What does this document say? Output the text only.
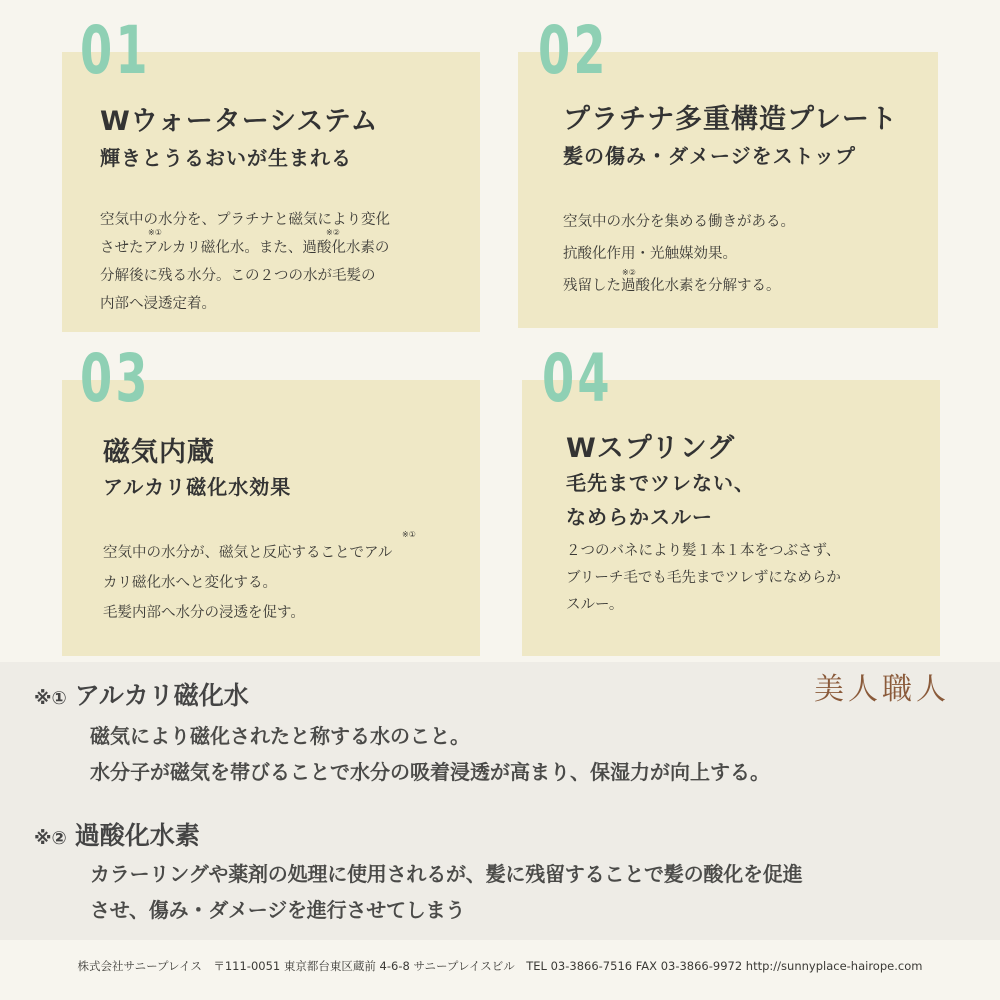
01
Wウォーターシステム
輝きとうるおいが生まれる
空気中の水分を、プラチナと磁気により変化
させたアルカリ磁化水。また、過酸化水素の
分解後に残る水分。この２つの水が毛髪の
内部へ浸透定着。
※①	※②
02
プラチナ多重構造プレート
髪の傷み・ダメージをストップ
空気中の水分を集める働きがある。
抗酸化作用・光触媒効果。
残留した過酸化水素を分解する。
※②
03
磁気内蔵
アルカリ磁化水効果
空気中の水分が、磁気と反応することでアル
カリ磁化水へと変化する。
毛髪内部へ水分の浸透を促す。
※①
04
Wスプリング
毛先までツレない、
なめらかスルー
２つのバネにより髪１本１本をつぶさず、
ブリーチ毛でも毛先までツレずになめらか
スルー。
美人職人
※① アルカリ磁化水
磁気により磁化されたと称する水のこと。
水分子が磁気を帯びることで水分の吸着浸透が高まり、保湿力が向上する。
※② 過酸化水素
カラーリングや薬剤の処理に使用されるが、髪に残留することで髪の酸化を促進
させ、傷み・ダメージを進行させてしまう
株式会社サニープレイス　〒111-0051 東京都台東区蔵前 4-6-8 サニープレイスビル　TEL 03-3866-7516 FAX 03-3866-9972 http://sunnyplace-hairope.com
